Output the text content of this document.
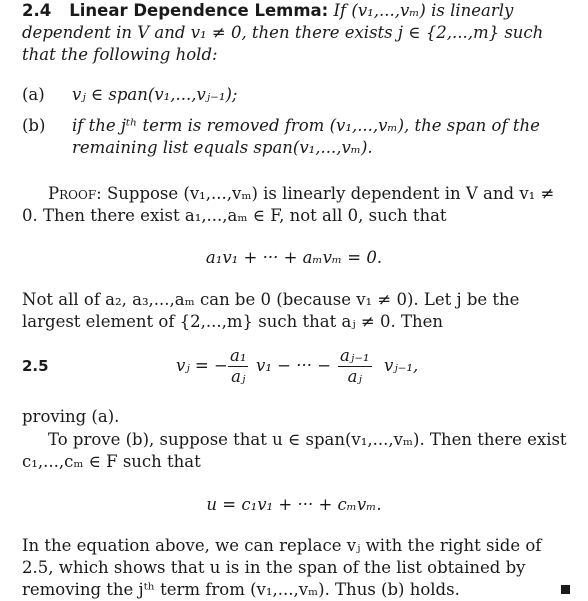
2.4 Linear Dependence Lemma: If (v₁,...,vₘ) is linearly dependent in V and v₁ ≠ 0, then there exists j ∈ {2,...,m} such that the following hold:
(a) vⱼ ∈ span(v₁,...,vⱼ₋₁);
(b) if the jᵗʰ term is removed from (v₁,...,vₘ), the span of the remaining list equals span(v₁,...,vₘ).
Proof: Suppose (v₁,...,vₘ) is linearly dependent in V and v₁ ≠ 0. Then there exist a₁,...,aₘ ∈ F, not all 0, such that
a₁v₁ + ··· + aₘvₘ = 0.
Not all of a₂, a₃,...,aₘ can be 0 (because v₁ ≠ 0). Let j be the largest element of {2,...,m} such that aⱼ ≠ 0. Then
2.5	vⱼ = − $\frac{\text{a₁}}{\text{aⱼ}} v_1$ − ··· − $\frac{\text{aⱼ₋₁}}{\text{aⱼ}}$ vⱼ₋₁,
proving (a).
To prove (b), suppose that u ∈ span(v₁,...,vₘ). Then there exist c₁,...,cₘ ∈ F such that
u = c₁v₁ + ··· + cₘvₘ.
In the equation above, we can replace vⱼ with the right side of 2.5, which shows that u is in the span of the list obtained by removing the jᵗʰ term from (v₁,...,vₘ). Thus (b) holds.
